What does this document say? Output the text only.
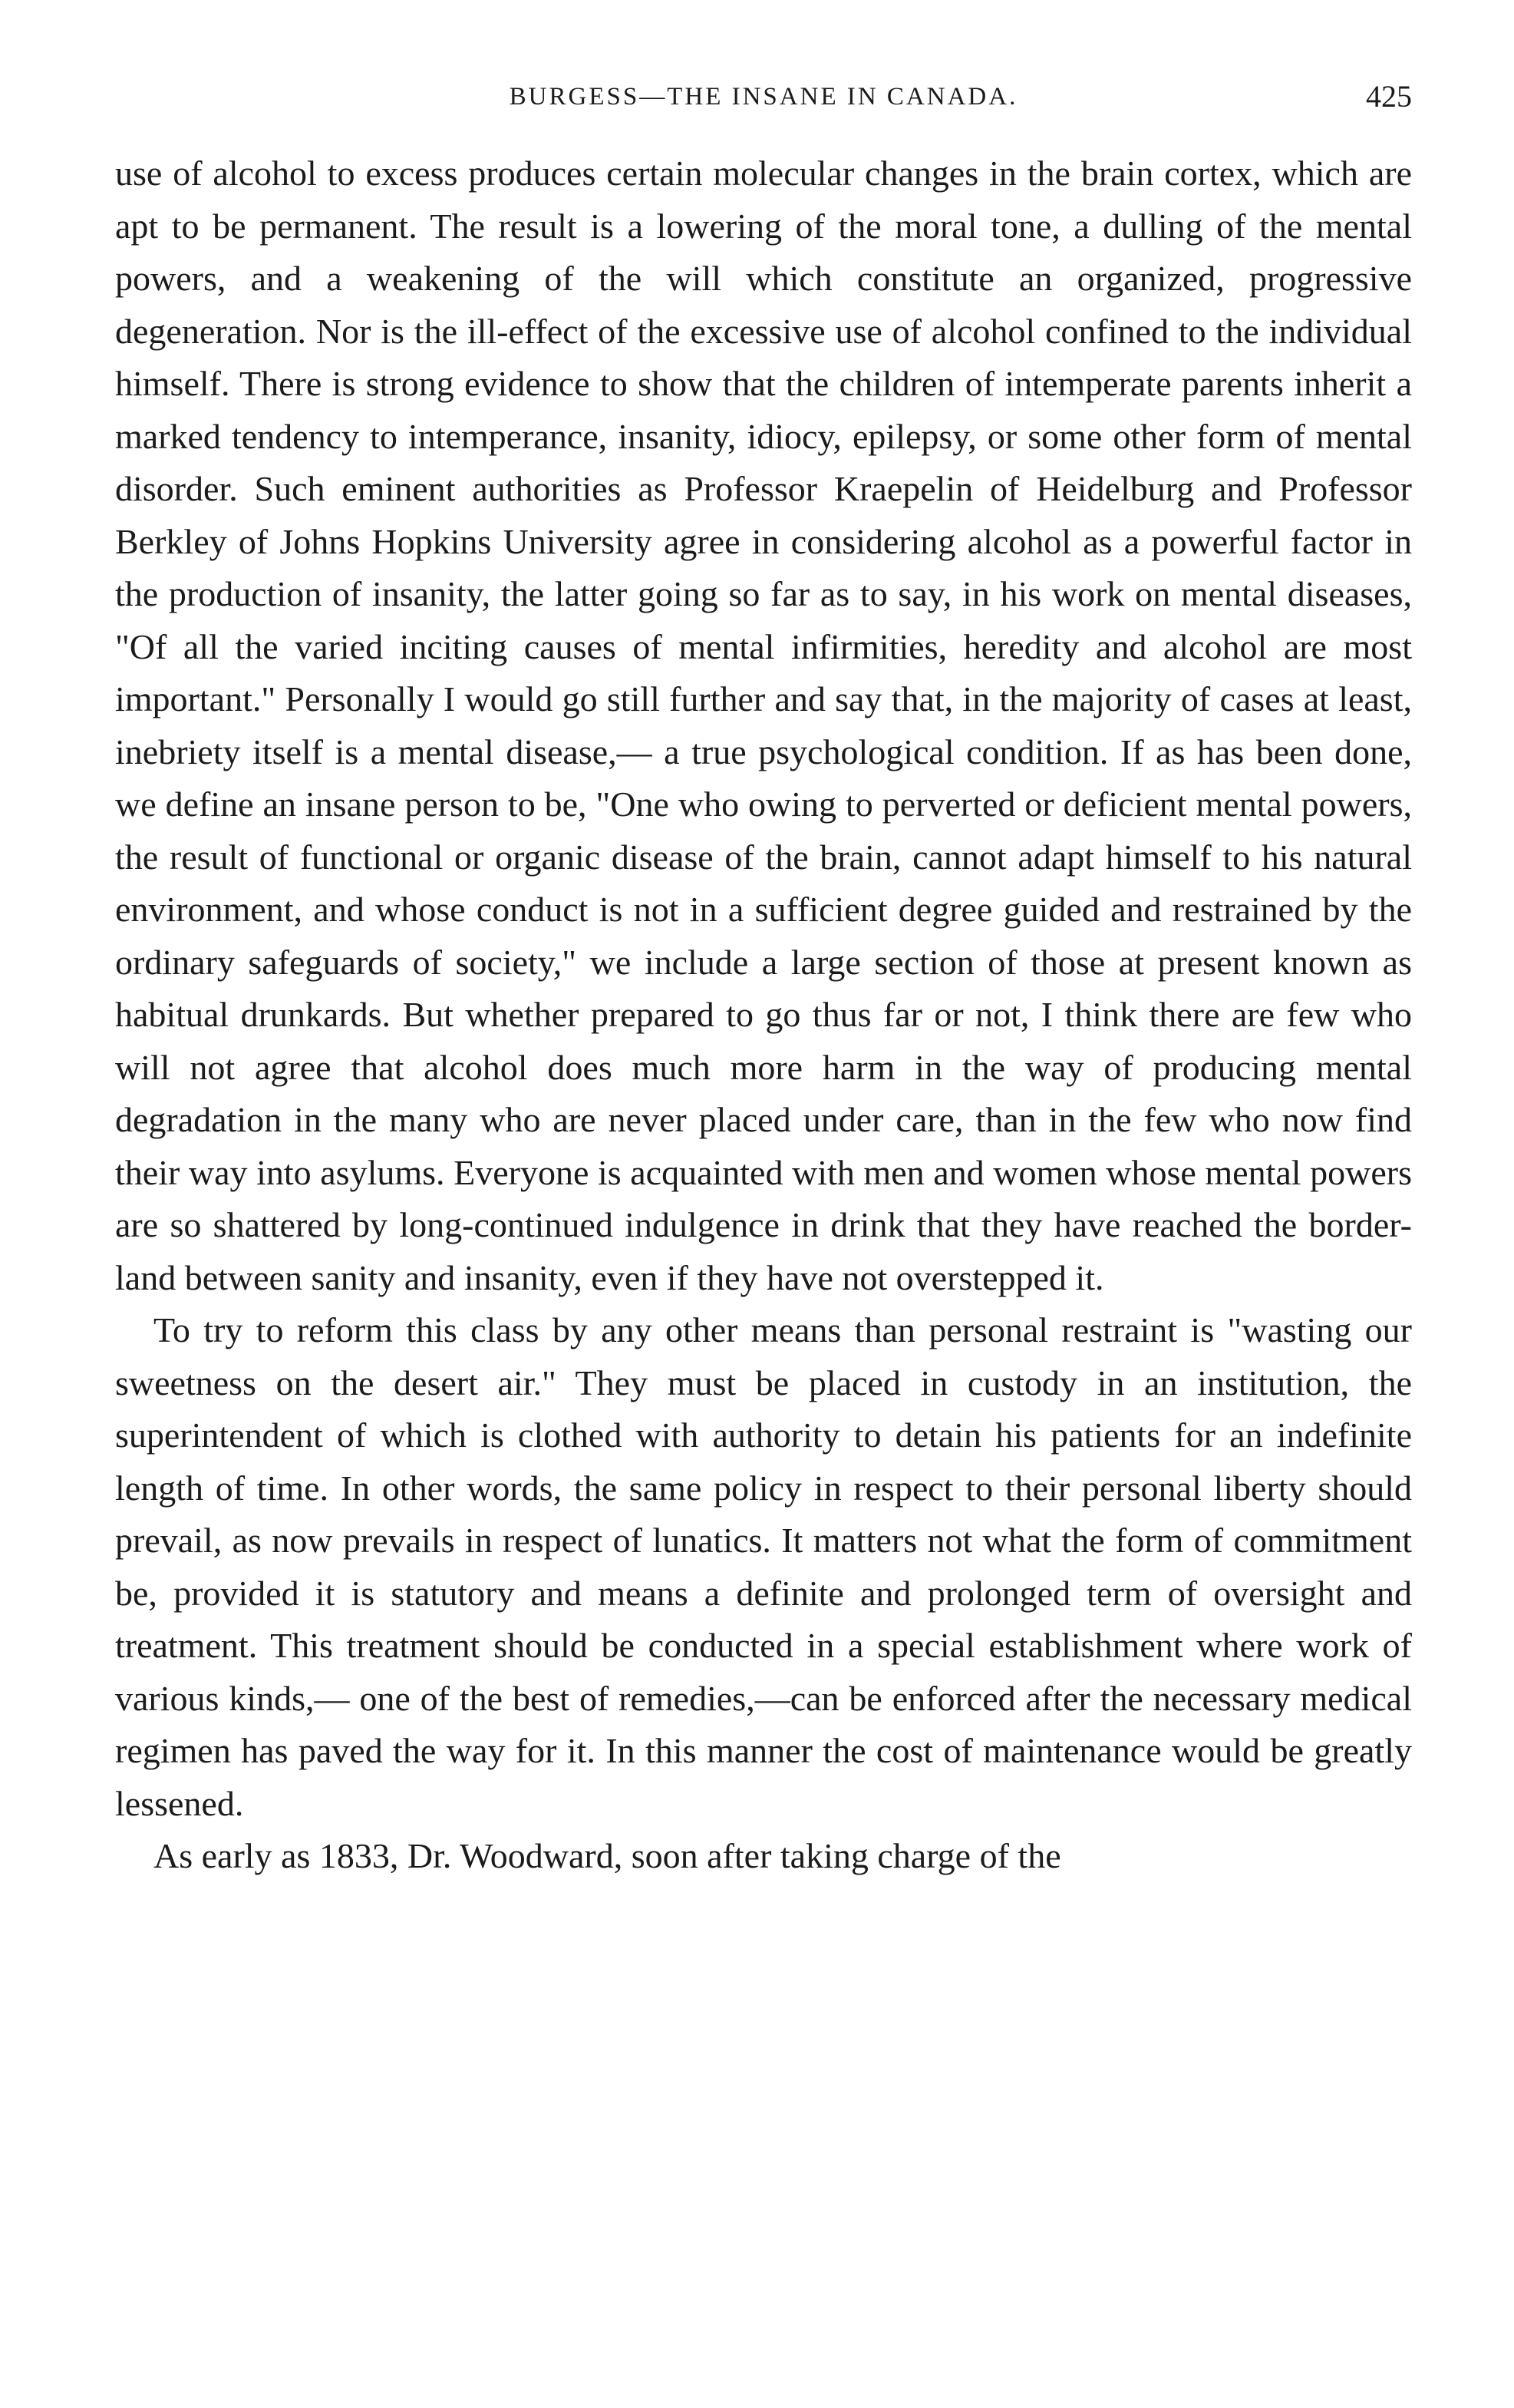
BURGESS—THE INSANE IN CANADA.	425

use of alcohol to excess produces certain molecular changes in the brain cortex, which are apt to be permanent. The result is a lowering of the moral tone, a dulling of the mental powers, and a weakening of the will which constitute an organized, progressive degeneration. Nor is the ill-effect of the excessive use of alcohol confined to the individual himself. There is strong evidence to show that the children of intemperate parents inherit a marked tendency to intemperance, insanity, idiocy, epilepsy, or some other form of mental disorder. Such eminent authorities as Professor Kraepelin of Heidelburg and Professor Berkley of Johns Hopkins University agree in considering alcohol as a powerful factor in the production of insanity, the latter going so far as to say, in his work on mental diseases, "Of all the varied inciting causes of mental infirmities, heredity and alcohol are most important." Personally I would go still further and say that, in the majority of cases at least, inebriety itself is a mental disease,— a true psychological condition. If as has been done, we define an insane person to be, "One who owing to perverted or deficient mental powers, the result of functional or organic disease of the brain, cannot adapt himself to his natural environment, and whose conduct is not in a sufficient degree guided and restrained by the ordinary safeguards of society," we include a large section of those at present known as habitual drunkards. But whether prepared to go thus far or not, I think there are few who will not agree that alcohol does much more harm in the way of producing mental degradation in the many who are never placed under care, than in the few who now find their way into asylums. Everyone is acquainted with men and women whose mental powers are so shattered by long-continued indulgence in drink that they have reached the border-land between sanity and insanity, even if they have not overstepped it.

To try to reform this class by any other means than personal restraint is "wasting our sweetness on the desert air." They must be placed in custody in an institution, the superintendent of which is clothed with authority to detain his patients for an indefinite length of time. In other words, the same policy in respect to their personal liberty should prevail, as now prevails in respect of lunatics. It matters not what the form of commitment be, provided it is statutory and means a definite and prolonged term of oversight and treatment. This treatment should be conducted in a special establishment where work of various kinds,— one of the best of remedies,—can be enforced after the necessary medical regimen has paved the way for it. In this manner the cost of maintenance would be greatly lessened.

As early as 1833, Dr. Woodward, soon after taking charge of the
